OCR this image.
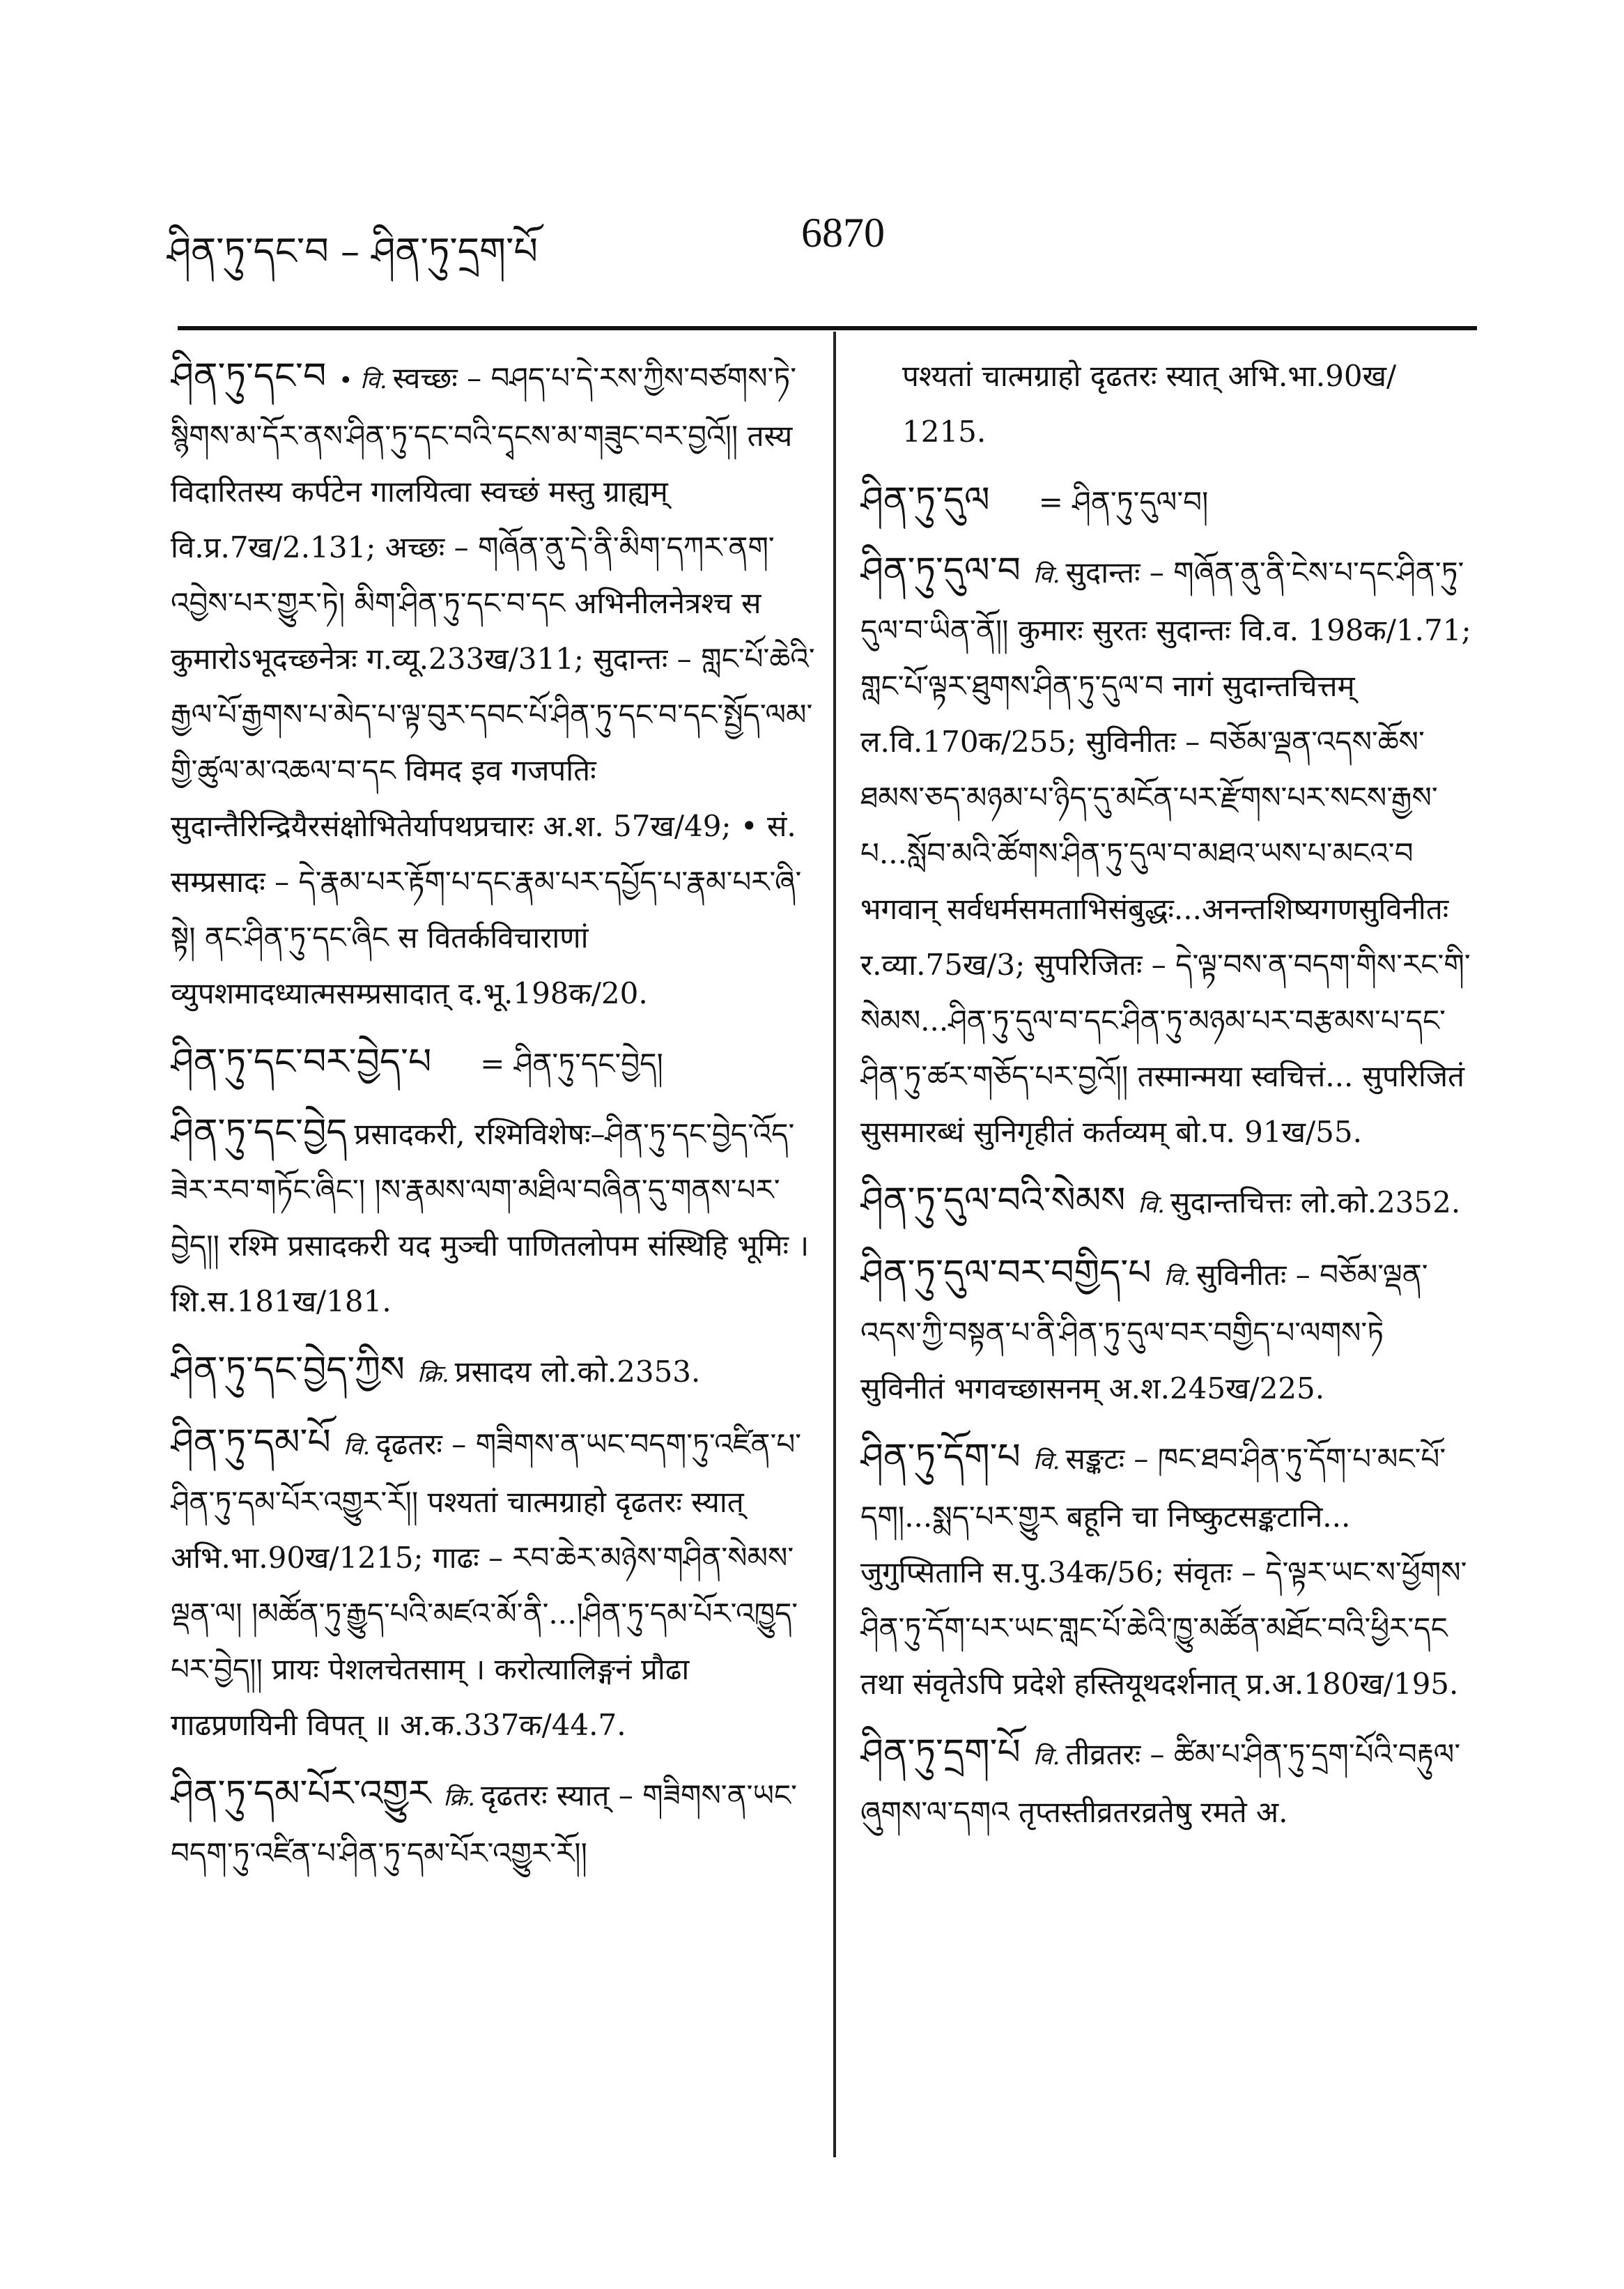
ཤིན་ཏུ་དང་བ – ཤིན་ཏུ་དྲག་པོ	6870

ཤིན་ཏུ་དང་བ • वि. स्वच्छः – བཤད་པ་དེ་རས་ཀྱིས་བཙགས་ཏེ་སྙིགས་མ་དོར་ནས་ཤིན་ཏུ་དང་བའི་དྭངས་མ་གཟུང་བར་བྱའོ།། तस्य विदारितस्य कर्पटेन गालयित्वा स्वच्छं मस्तु ग्राह्यम् वि.प्र.7ख/2.131; अच्छः – གཞོན་ནུ་དེ་ནི་མིག་དཀར་ནག་འབྱེས་པར་གྱུར་ཏེ། མིག་ཤིན་ཏུ་དང་བ་དང अभिनीलनेत्रश्च स कुमारोऽभूदच्छनेत्रः ग.व्यू.233ख/311; सुदान्तः – གླང་པོ་ཆེའི་རྒྱལ་པོ་རྒྱགས་པ་མེད་པ་ལྟ་བུར་དབང་པོ་ཤིན་ཏུ་དང་བ་དང་སྤྱོད་ལམ་གྱི་ཚུལ་མ་འཆལ་བ་དང विमद इव गजपतिः सुदान्तैरिन्द्रियैरसंक्षोभितेर्यापथप्रचारः अ.श. 57ख/49; • सं. सम्प्रसादः – དེ་རྣམ་པར་རྟོག་པ་དང་རྣམ་པར་དཔྱོད་པ་རྣམ་པར་ཞི་སྟེ། ནང་ཤིན་ཏུ་དང་ཞིང स वितर्कविचाराणां व्युपशमादध्यात्मसम्प्रसादात् द.भू.198क/20.

ཤིན་ཏུ་དང་བར་བྱེད་པ = ཤིན་ཏུ་དང་བྱེད།

ཤིན་ཏུ་དང་བྱེད प्रसादकरी, रश्मिविशेषः–ཤིན་ཏུ་དང་བྱེད་འོད་ཟེར་རབ་གཏོང་ཞིང་། །ས་རྣམས་ལག་མཐིལ་བཞིན་དུ་གནས་པར་བྱེད།། रश्मि प्रसादकरी यद मुञ्ची पाणितलोपम संस्थिहि भूमिः । शि.स.181ख/181.

ཤིན་ཏུ་དང་བྱེད་ཀྱིས क्रि. प्रसादय लो.को.2353.

ཤིན་ཏུ་དམ་པོ वि. दृढतरः – གཟིགས་ན་ཡང་བདག་ཏུ་འཛིན་པ་ཤིན་ཏུ་དམ་པོར་འགྱུར་རོ།། पश्यतां चात्मग्राहो दृढतरः स्यात् अभि.भा.90ख/1215; गाढः – རབ་ཆེར་མཉེས་གཤིན་སེམས་ལྡན་ལ། །མཚོན་ཏུ་རྒྱུད་པའི་མཛའ་མོ་ནི་...།ཤིན་ཏུ་དམ་པོར་འཁྱུད་པར་བྱེད།། प्रायः पेशलचेतसाम् । करोत्यालिङ्गनं प्रौढा गाढप्रणयिनी विपत् ॥ अ.क.337क/44.7.

ཤིན་ཏུ་དམ་པོར་འགྱུར क्रि. दृढतरः स्यात् – གཟིགས་ན་ཡང་བདག་ཏུ་འཛིན་པ་ཤིན་ཏུ་དམ་པོར་འགྱུར་རོ།།

पश्यतां चात्मग्राहो दृढतरः स्यात् अभि.भा.90ख/ 1215.

ཤིན་ཏུ་དུལ = ཤིན་ཏུ་དུལ་བ།

ཤིན་ཏུ་དུལ་བ वि. सुदान्तः – གཞོན་ནུ་ནི་ངེས་པ་དང་ཤིན་ཏུ་དུལ་བ་ཡིན་ནོ།། कुमारः सुरतः सुदान्तः वि.व. 198क/1.71; གླང་པོ་ལྟར་ཐུགས་ཤིན་ཏུ་དུལ་བ नागं सुदान्तचित्तम् ल.वि.170क/255; सुविनीतः – བཅོམ་ལྡན་འདས་ཆོས་ཐམས་ཅད་མཉམ་པ་ཉིད་དུ་མངོན་པར་རྫོགས་པར་སངས་རྒྱས་པ...སློབ་མའི་ཚོགས་ཤིན་ཏུ་དུལ་བ་མཐའ་ཡས་པ་མངའ་བ भगवान् सर्वधर्मसमताभिसंबुद्धः...अनन्तशिष्यगणसुविनीतः र.व्या.75ख/3; सुपरिजितः – དེ་ལྟ་བས་ན་བདག་གིས་རང་གི་སེམས...ཤིན་ཏུ་དུལ་བ་དང་ཤིན་ཏུ་མཉམ་པར་བརྩམས་པ་དང་ཤིན་ཏུ་ཚར་གཅོད་པར་བྱའོ།། तस्मान्मया स्वचित्तं... सुपरिजितं सुसमारब्धं सुनिगृहीतं कर्तव्यम् बो.प. 91ख/55.

ཤིན་ཏུ་དུལ་བའི་སེམས वि. सुदान्तचित्तः लो.को.2352.

ཤིན་ཏུ་དུལ་བར་བགྱིད་པ वि. सुविनीतः – བཅོམ་ལྡན་འདས་ཀྱི་བསྟན་པ་ནི་ཤིན་ཏུ་དུལ་བར་བགྱིད་པ་ལགས་ཏེ सुविनीतं भगवच्छासनम् अ.श.245ख/225.

ཤིན་ཏུ་དོག་པ वि. सङ्कटः – ཁང་ཐབ་ཤིན་ཏུ་དོག་པ་མང་པོ་དག།...སྨད་པར་གྱུར बहूनि चा निष्कुटसङ्कटानि... जुगुप्सितानि स.पु.34क/56; संवृतः – དེ་ལྟར་ཡང་ས་ཕྱོགས་ཤིན་ཏུ་དོག་པར་ཡང་གླང་པོ་ཆེའི་ཁྱུ་མཚོན་མཐོང་བའི་ཕྱིར་དང तथा संवृतेऽपि प्रदेशे हस्तियूथदर्शनात् प्र.अ.180ख/195.

ཤིན་ཏུ་དྲག་པོ वि. तीव्रतरः – ཚིམ་པ་ཤིན་ཏུ་དྲག་པོའི་བརྟུལ་ཞུགས་ལ་དགའ तृप्तस्तीव्रतरव्रतेषु रमते अ.
